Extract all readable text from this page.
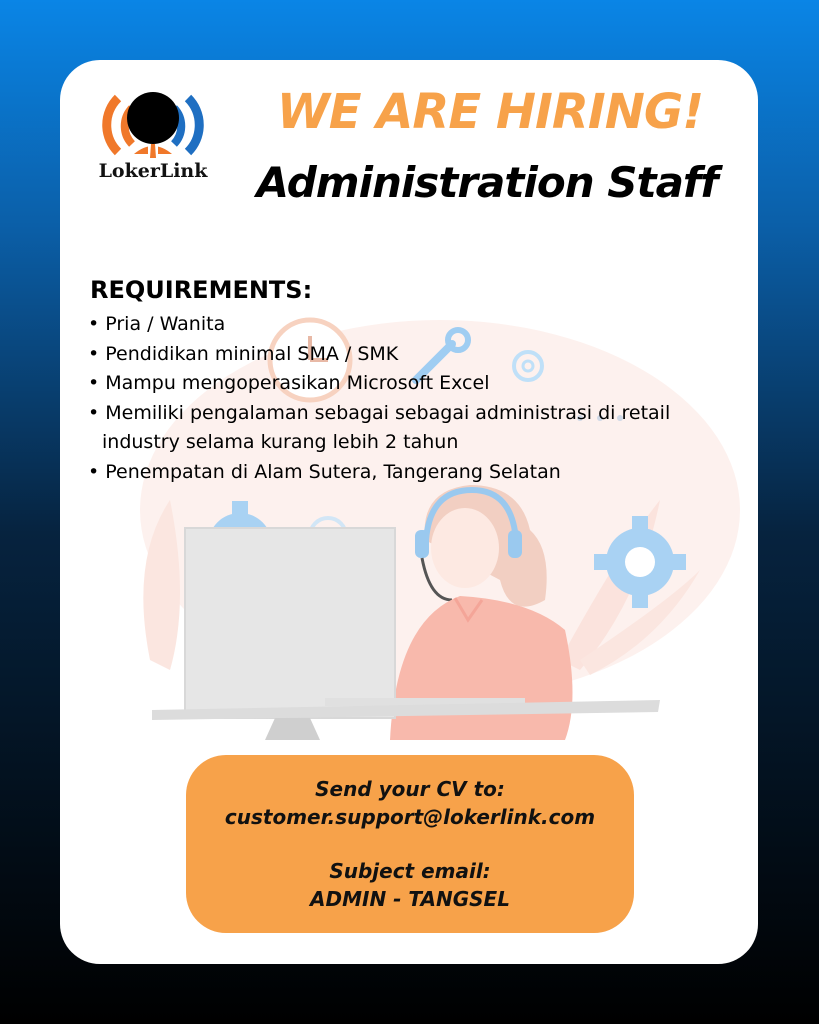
LokerLink
WE ARE HIRING!
Administration Staff
REQUIREMENTS:
• Pria / Wanita
• Pendidikan minimal SMA / SMK
• Mampu mengoperasikan Microsoft Excel
• Memiliki pengalaman sebagai sebagai administrasi di retail industry selama kurang lebih 2 tahun
• Penempatan di Alam Sutera, Tangerang Selatan
Send your CV to:
customer.support@lokerlink.com
Subject email:
ADMIN - TANGSEL
